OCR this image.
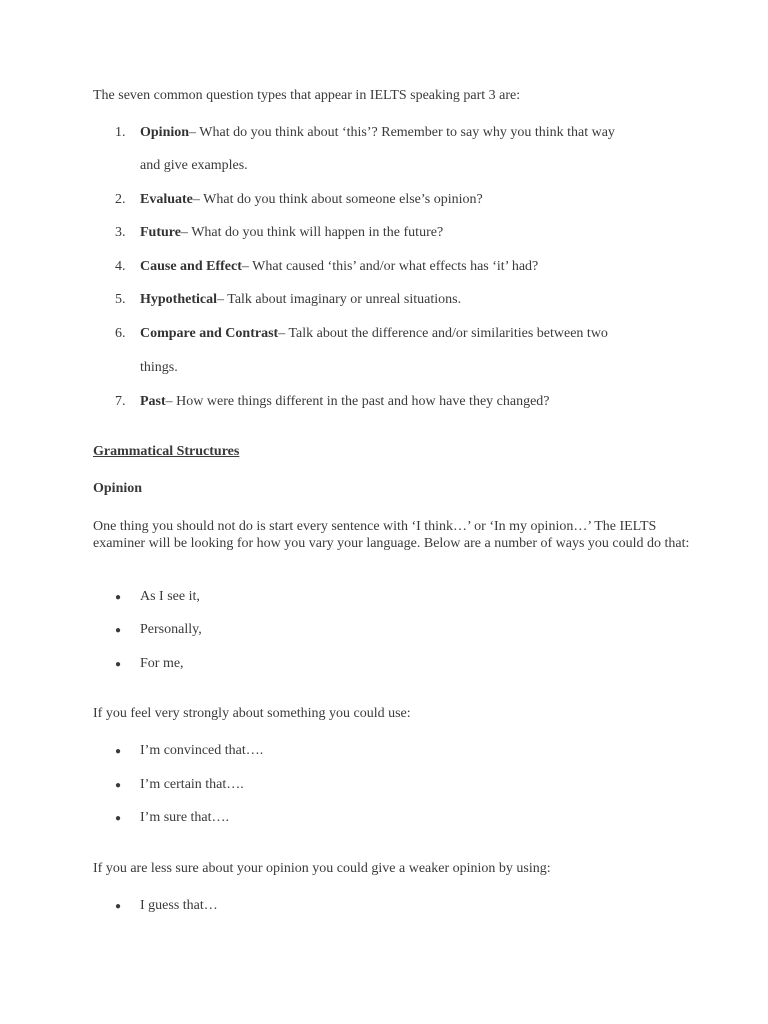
The seven common question types that appear in IELTS speaking part 3 are:
1. Opinion– What do you think about ‘this’? Remember to say why you think that way
and give examples.
2. Evaluate– What do you think about someone else’s opinion?
3. Future– What do you think will happen in the future?
4. Cause and Effect– What caused ‘this’ and/or what effects has ‘it’ had?
5. Hypothetical– Talk about imaginary or unreal situations.
6. Compare and Contrast– Talk about the difference and/or similarities between two
things.
7. Past– How were things different in the past and how have they changed?
Grammatical Structures
Opinion
One thing you should not do is start every sentence with ‘I think…’ or ‘In my opinion…’ The IELTS examiner will be looking for how you vary your language. Below are a number of ways you could do that:
● As I see it,
● Personally,
● For me,
If you feel very strongly about something you could use:
● I’m convinced that….
● I’m certain that….
● I’m sure that….
If you are less sure about your opinion you could give a weaker opinion by using:
● I guess that…
